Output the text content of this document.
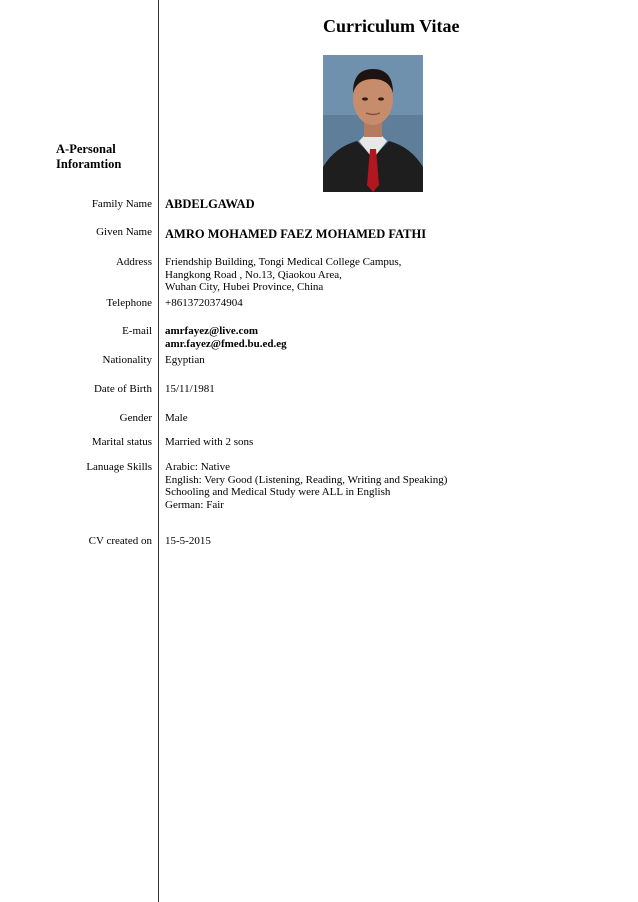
Curriculum Vitae
A-Personal Inforamtion
Family Name ABDELGAWAD
Given Name AMRO MOHAMED FAEZ MOHAMED FATHI
Address Friendship Building, Tongi Medical College Campus,
Hangkong Road , No.13, Qiaokou Area,
Wuhan City, Hubei Province, China
Telephone +8613720374904
E-mail amrfayez@live.com
amr.fayez@fmed.bu.ed.eg
Nationality Egyptian
Date of Birth 15/11/1981
Gender Male
Marital status Married with 2 sons
Lanuage Skills Arabic: Native
English: Very Good (Listening, Reading, Writing and Speaking)
Schooling and Medical Study were ALL in English
German: Fair
CV created on 15-5-2015
